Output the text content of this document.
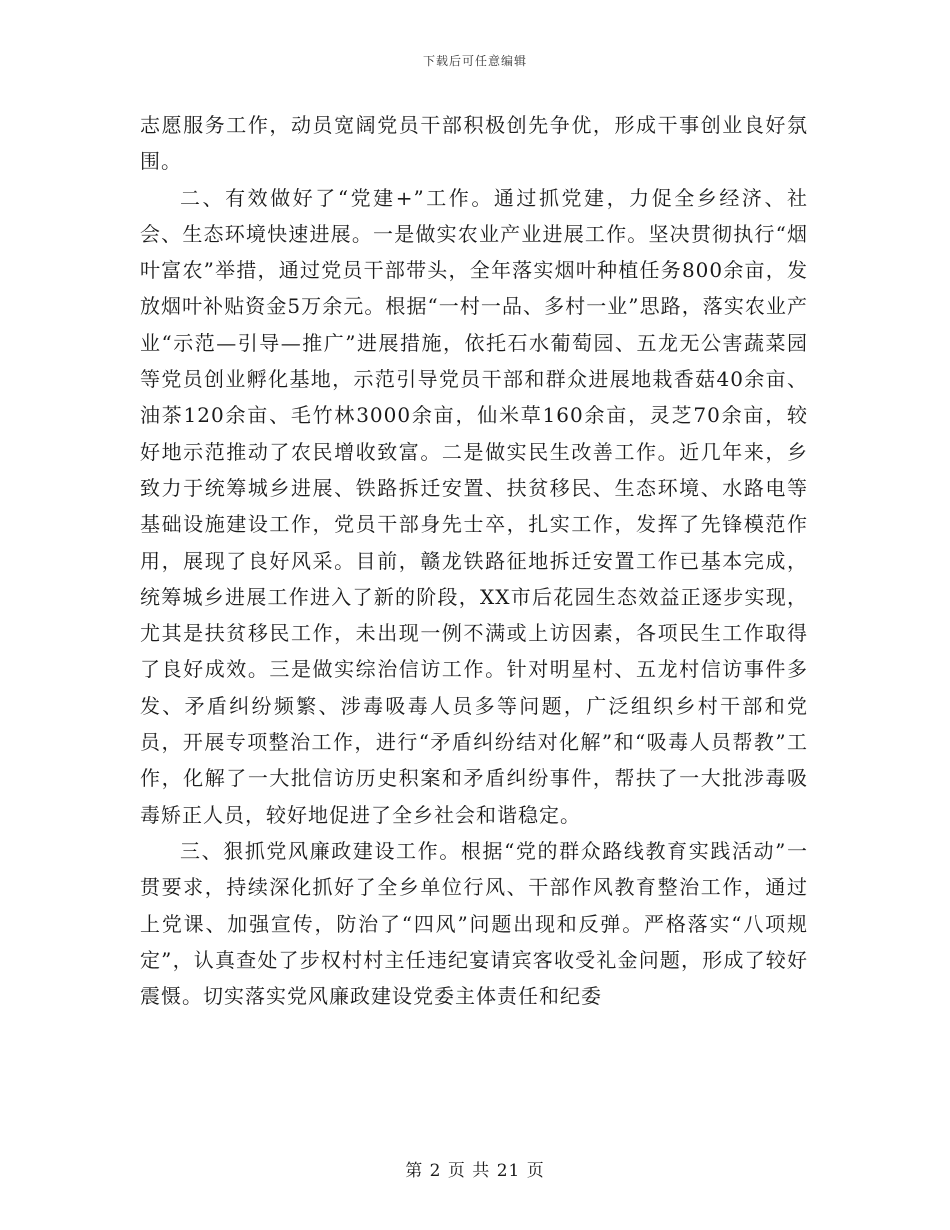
下载后可任意编辑

志愿服务工作，动员宽阔党员干部积极创先争优，形成干事创业良好氛围。

二、有效做好了“党建+”工作。通过抓党建，力促全乡经济、社会、生态环境快速进展。一是做实农业产业进展工作。坚决贯彻执行“烟叶富农”举措，通过党员干部带头，全年落实烟叶种植任务800余亩，发放烟叶补贴资金5万余元。根据“一村一品、多村一业”思路，落实农业产业“示范—引导—推广”进展措施，依托石水葡萄园、五龙无公害蔬菜园等党员创业孵化基地，示范引导党员干部和群众进展地栽香菇40余亩、油茶120余亩、毛竹林3000余亩，仙米草160余亩，灵芝70余亩，较好地示范推动了农民增收致富。二是做实民生改善工作。近几年来，乡致力于统筹城乡进展、铁路拆迁安置、扶贫移民、生态环境、水路电等基础设施建设工作，党员干部身先士卒，扎实工作，发挥了先锋模范作用，展现了良好风采。目前，赣龙铁路征地拆迁安置工作已基本完成，统筹城乡进展工作进入了新的阶段，XX市后花园生态效益正逐步实现，尤其是扶贫移民工作，未出现一例不满或上访因素，各项民生工作取得了良好成效。三是做实综治信访工作。针对明星村、五龙村信访事件多发、矛盾纠纷频繁、涉毒吸毒人员多等问题，广泛组织乡村干部和党员，开展专项整治工作，进行“矛盾纠纷结对化解”和“吸毒人员帮教”工作，化解了一大批信访历史积案和矛盾纠纷事件，帮扶了一大批涉毒吸毒矫正人员，较好地促进了全乡社会和谐稳定。

三、狠抓党风廉政建设工作。根据“党的群众路线教育实践活动”一贯要求，持续深化抓好了全乡单位行风、干部作风教育整治工作，通过上党课、加强宣传，防治了“四风”问题出现和反弹。严格落实“八项规定”，认真查处了步权村村主任违纪宴请宾客收受礼金问题，形成了较好震慑。切实落实党风廉政建设党委主体责任和纪委

第 2 页 共 21 页
